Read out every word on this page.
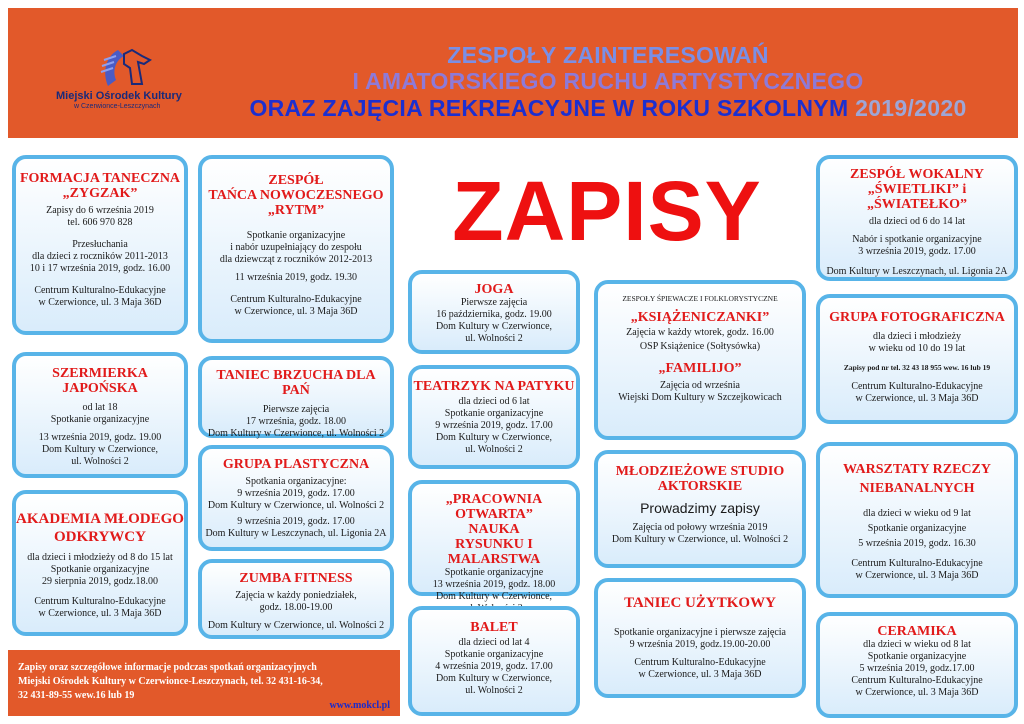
Miejski Ośrodek Kultury
w Czerwionce-Leszczynach
ZESPOŁY ZAINTERESOWAŃ
I AMATORSKIEGO RUCHU ARTYSTYCZNEGO
ORAZ ZAJĘCIA REKREACYJNE W ROKU SZKOLNYM 2019/2020
ZAPISY
FORMACJA TANECZNA
„ZYGZAK”
Zapisy do 6 września 2019
tel. 606 970 828
Przesłuchania
dla dzieci z roczników 2011-2013
10 i 17 września 2019, godz. 16.00
Centrum Kulturalno-Edukacyjne
w Czerwionce, ul. 3 Maja 36D
SZERMIERKA
JAPOŃSKA
od lat 18
Spotkanie organizacyjne
13 września 2019, godz. 19.00
Dom Kultury w Czerwionce,
ul. Wolności 2
AKADEMIA MŁODEGO
ODKRYWCY
dla dzieci i młodzieży od 8 do 15 lat
Spotkanie organizacyjne
29 sierpnia 2019, godz.18.00
Centrum Kulturalno-Edukacyjne
w Czerwionce, ul. 3 Maja 36D
ZESPÓŁ
TAŃCA NOWOCZESNEGO
„RYTM”
Spotkanie organizacyjne
i nabór uzupełniający do zespołu
dla dziewcząt z roczników 2012-2013
11 września 2019, godz. 19.30
Centrum Kulturalno-Edukacyjne
w Czerwionce, ul. 3 Maja 36D
TANIEC BRZUCHA DLA PAŃ
Pierwsze zajęcia
17 września, godz. 18.00
Dom Kultury w Czerwionce, ul. Wolności 2
GRUPA PLASTYCZNA
Spotkania organizacyjne:
9 września 2019, godz. 17.00
Dom Kultury w Czerwionce, ul. Wolności 2
9 września 2019, godz. 17.00
Dom Kultury w Leszczynach, ul. Ligonia 2A
ZUMBA FITNESS
Zajęcia w każdy poniedziałek,
godz. 18.00-19.00
Dom Kultury w Czerwionce, ul. Wolności 2
JOGA
Pierwsze zajęcia
16 października, godz. 19.00
Dom Kultury w Czerwionce,
ul. Wolności 2
TEATRZYK NA PATYKU
dla dzieci od 6 lat
Spotkanie organizacyjne
9 września 2019, godz. 17.00
Dom Kultury w Czerwionce,
ul. Wolności 2
„PRACOWNIA OTWARTA”
NAUKA
RYSUNKU I MALARSTWA
Spotkanie organizacyjne
13 września 2019, godz. 18.00
Dom Kultury w Czerwionce,
BALET
dla dzieci od lat 4
Spotkanie organizacyjne
4 września 2019, godz. 17.00
Dom Kultury w Czerwionce,
ul. Wolności 2
ZESPOŁY ŚPIEWACZE I FOLKLORYSTYCZNE
„KSIĄŻENICZANKI”
Zajęcia w każdy wtorek, godz. 16.00
OSP Książenice (Sołtysówka)
„FAMILIJO”
Zajęcia od września
Wiejski Dom Kultury w Szczejkowicach
MŁODZIEŻOWE STUDIO
AKTORSKIE
Prowadzimy zapisy
Zajęcia od połowy września 2019
Dom Kultury w Czerwionce, ul. Wolności 2
TANIEC UŻYTKOWY
Spotkanie organizacyjne i pierwsze zajęcia
9 września 2019, godz.19.00-20.00
Centrum Kulturalno-Edukacyjne
w Czerwionce, ul. 3 Maja 36D
ZESPÓŁ WOKALNY
„ŚWIETLIKI” i „ŚWIATEŁKO”
dla dzieci od 6 do 14 lat
Nabór i spotkanie organizacyjne
3 września 2019, godz. 17.00
Dom Kultury w Leszczynach, ul. Ligonia 2A
GRUPA FOTOGRAFICZNA
dla dzieci i młodzieży
w wieku od 10 do 19 lat
Zapisy pod nr tel. 32 43 18 955 wew. 16 lub 19
Centrum Kulturalno-Edukacyjne
w Czerwionce, ul. 3 Maja 36D
WARSZTATY RZECZY
NIEBANALNYCH
dla dzieci w wieku od 9 lat
Spotkanie organizacyjne
5 września 2019, godz. 16.30
Centrum Kulturalno-Edukacyjne
w Czerwionce, ul. 3 Maja 36D
CERAMIKA
dla dzieci w wieku od 8 lat
Spotkanie organizacyjne
5 września 2019, godz.17.00
Centrum Kulturalno-Edukacyjne
w Czerwionce, ul. 3 Maja 36D
Zapisy oraz szczegółowe informacje podczas spotkań organizacyjnych
Miejski Ośrodek Kultury w Czerwionce-Leszczynach, tel. 32 431-16-34,
32 431-89-55 wew.16 lub 19
www.mokcl.pl
